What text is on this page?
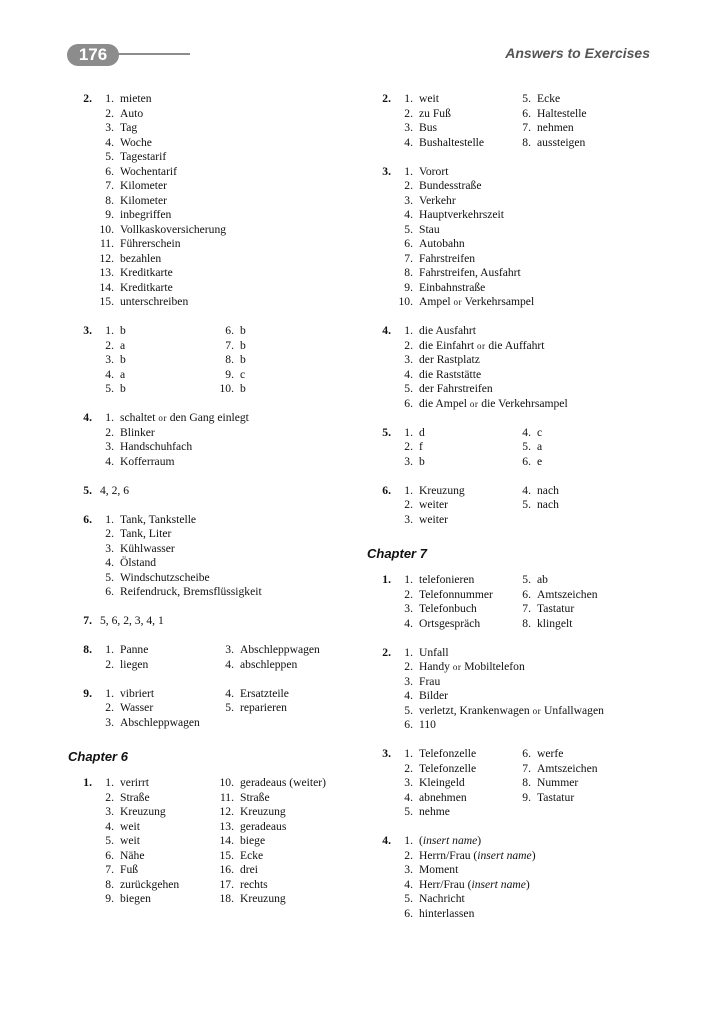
176	Answers to Exercises
2.	1. mieten
2. Auto
3. Tag
4. Woche
5. Tagestarif
6. Wochentarif
7. Kilometer
8. Kilometer
9. inbegriffen
10. Vollkaskoversicherung
11. Führerschein
12. bezahlen
13. Kreditkarte
14. Kreditkarte
15. unterschreiben
3.	1. b	6. b
2. a	7. b
3. b	8. b
4. a	9. c
5. b	10. b
4.	1. schaltet or den Gang einlegt
2. Blinker
3. Handschuhfach
4. Kofferraum
5. 4, 2, 6
6.	1. Tank, Tankstelle
2. Tank, Liter
3. Kühlwasser
4. Ölstand
5. Windschutzscheibe
6. Reifendruck, Bremsflüssigkeit
7. 5, 6, 2, 3, 4, 1
8.	1. Panne	3. Abschleppwagen
2. liegen	4. abschleppen
9.	1. vibriert	4. Ersatzteile
2. Wasser	5. reparieren
3. Abschleppwagen
Chapter 6
1.	1. verirrt	10. geradeaus (weiter)
2. Straße	11. Straße
3. Kreuzung	12. Kreuzung
4. weit	13. geradeaus
5. weit	14. biege
6. Nähe	15. Ecke
7. Fuß	16. drei
8. zurückgehen	17. rechts
9. biegen	18. Kreuzung
2.	1. weit	5. Ecke
2. zu Fuß	6. Haltestelle
3. Bus	7. nehmen
4. Bushaltestelle	8. aussteigen
3.	1. Vorort
2. Bundesstraße
3. Verkehr
4. Hauptverkehrszeit
5. Stau
6. Autobahn
7. Fahrstreifen
8. Fahrstreifen, Ausfahrt
9. Einbahnstraße
10. Ampel or Verkehrsampel
4.	1. die Ausfahrt
2. die Einfahrt or die Auffahrt
3. der Rastplatz
4. die Raststätte
5. der Fahrstreifen
6. die Ampel or die Verkehrsampel
5.	1. d	4. c
2. f	5. a
3. b	6. e
6.	1. Kreuzung	4. nach
2. weiter	5. nach
3. weiter
Chapter 7
1.	1. telefonieren	5. ab
2. Telefonnummer	6. Amtszeichen
3. Telefonbuch	7. Tastatur
4. Ortsgespräch	8. klingelt
2.	1. Unfall
2. Handy or Mobiltelefon
3. Frau
4. Bilder
5. verletzt, Krankenwagen or Unfallwagen
6. 110
3.	1. Telefonzelle	6. werfe
2. Telefonzelle	7. Amtszeichen
3. Kleingeld	8. Nummer
4. abnehmen	9. Tastatur
5. nehme
4.	1. (insert name)
2. Herrn/Frau (insert name)
3. Moment
4. Herr/Frau (insert name)
5. Nachricht
6. hinterlassen
